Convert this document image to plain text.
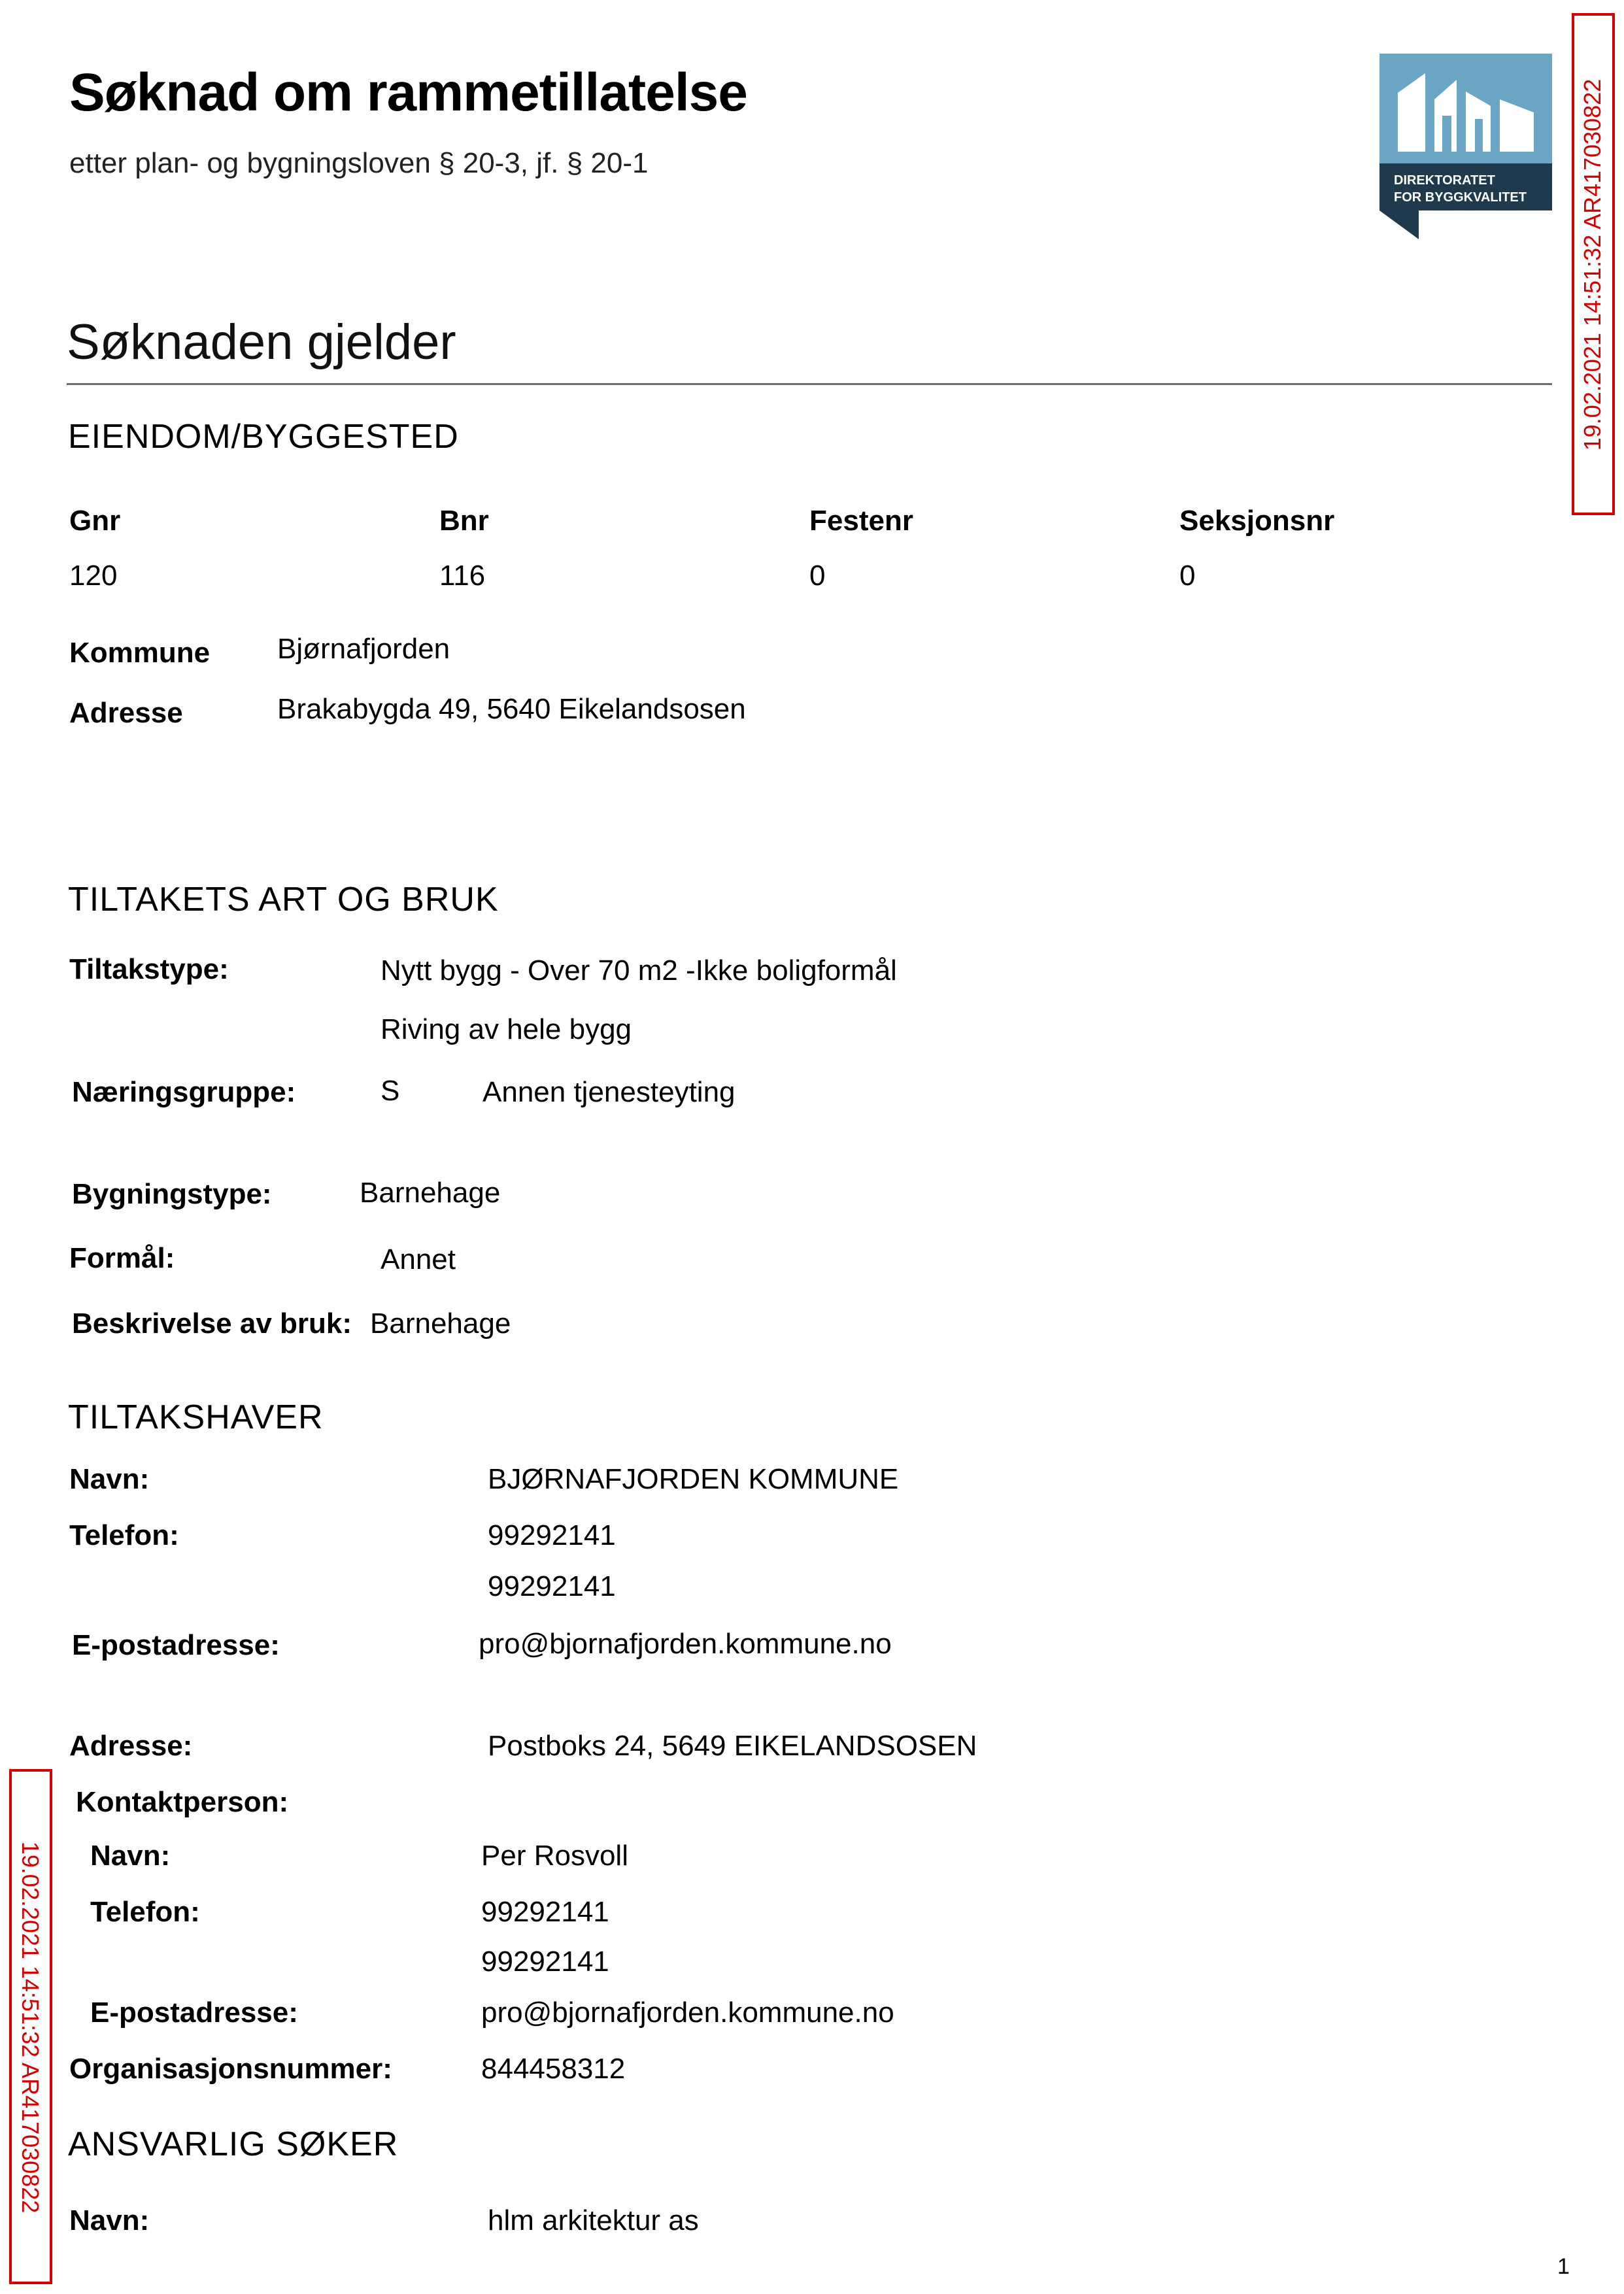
Søknad om rammetillatelse
etter plan- og bygningsloven § 20-3, jf. § 20-1
DIREKTORATET
FOR BYGGKVALITET 19.02.2021 14:51:32 AR417030822
Søknaden gjelder
EIENDOM/BYGGESTED
Gnr	Bnr	Festenr	Seksjonsnr
120	116	0	0
Kommune Bjørnafjorden
Adresse	Brakabygda 49, 5640 Eikelandsosen
TILTAKETS ART OG BRUK
Tiltakstype:	Nytt bygg - Over 70 m2 -Ikke boligformål
Riving av hele bygg
Næringsgruppe:	S	Annen tjenesteyting
Bygningstype:	Barnehage
Formål:	Annet
Beskrivelse av bruk: Barnehage
TILTAKSHAVER
Navn:	BJØRNAFJORDEN KOMMUNE
Telefon:	99292141
99292141
E-postadresse:	pro@bjornafjorden.kommune.no
Adresse:	Postboks 24, 5649 EIKELANDSOSEN
Kontaktperson:
Navn:	Per Rosvoll
Telefon:	99292141
99292141
E-postadresse:	pro@bjornafjorden.kommune.no
Organisasjonsnummer:	844458312
ANSVARLIG SØKER
Navn:	hlm arkitektur as
19.02.2021 14:51:32 AR417030822
1
